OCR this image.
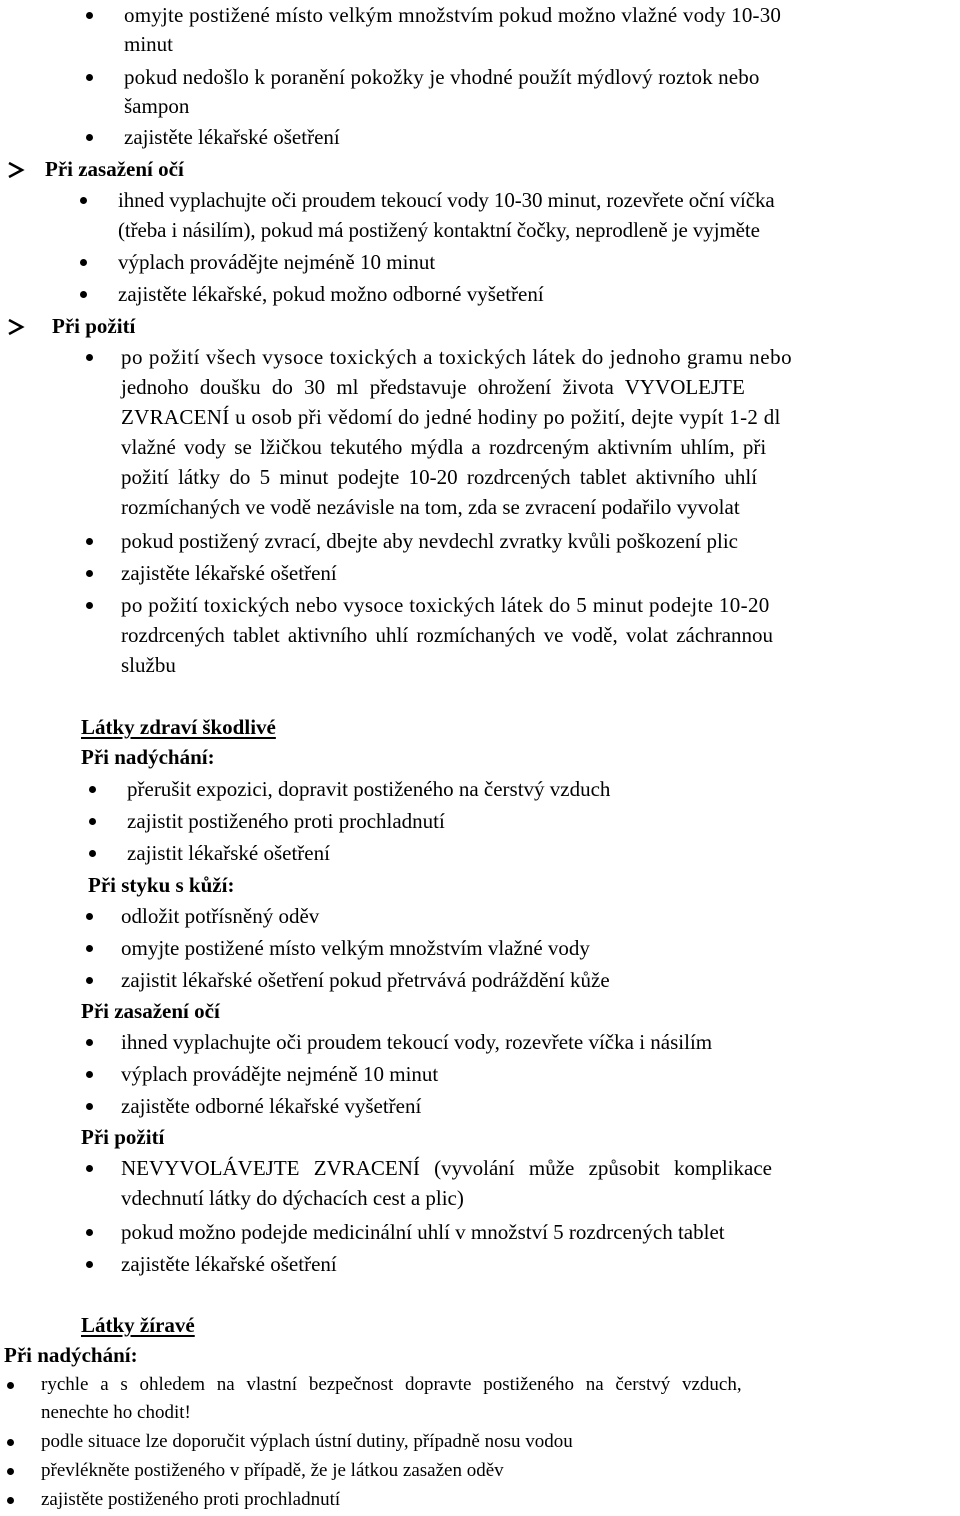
omyjte postižené místo velkým množstvím pokud možno vlažné vody 10-30
minut
pokud nedošlo k poranění pokožky je vhodné použít mýdlový roztok nebo
šampon
zajistěte lékařské ošetření
Při zasažení očí
ihned vyplachujte oči proudem tekoucí vody 10-30 minut, rozevřete oční víčka
(třeba i násilím), pokud má postižený kontaktní čočky, neprodleně je vyjměte
výplach provádějte nejméně 10 minut
zajistěte lékařské, pokud možno odborné vyšetření
Při požití
po požití všech vysoce toxických a toxických látek do jednoho gramu nebo
jednoho doušku do 30 ml představuje ohrožení života VYVOLEJTE
ZVRACENÍ u osob při vědomí do jedné hodiny po požití, dejte vypít 1-2 dl
vlažné vody se lžičkou tekutého mýdla a rozdrceným aktivním uhlím, při
požití látky do 5 minut podejte 10-20 rozdrcených tablet aktivního uhlí
rozmíchaných ve vodě nezávisle na tom, zda se zvracení podařilo vyvolat
pokud postižený zvrací, dbejte aby nevdechl zvratky kvůli poškození plic
zajistěte lékařské ošetření
po požití toxických nebo vysoce toxických látek do 5 minut podejte 10-20
rozdrcených tablet aktivního uhlí rozmíchaných ve vodě, volat záchrannou
službu
Látky zdraví škodlivé
Při nadýchání:
přerušit expozici, dopravit postiženého na čerstvý vzduch
zajistit postiženého proti prochladnutí
zajistit lékařské ošetření
Při styku s kůží:
odložit potřísněný oděv
omyjte postižené místo velkým množstvím vlažné vody
zajistit lékařské ošetření pokud přetrvává podráždění kůže
Při zasažení očí
ihned vyplachujte oči proudem tekoucí vody, rozevřete víčka i násilím
výplach provádějte nejméně 10 minut
zajistěte odborné lékařské vyšetření
Při požití
NEVYVOLÁVEJTE ZVRACENÍ (vyvolání může způsobit komplikace
vdechnutí látky do dýchacích cest a plic)
pokud možno podejde medicinální uhlí v množství 5 rozdrcených tablet
zajistěte lékařské ošetření
Látky žíravé
Při nadýchání:
rychle a s ohledem na vlastní bezpečnost dopravte postiženého na čerstvý vzduch,
nenechte ho chodit!
podle situace lze doporučit výplach ústní dutiny, případně nosu vodou
převlékněte postiženého v případě, že je látkou zasažen oděv
zajistěte postiženého proti prochladnutí
